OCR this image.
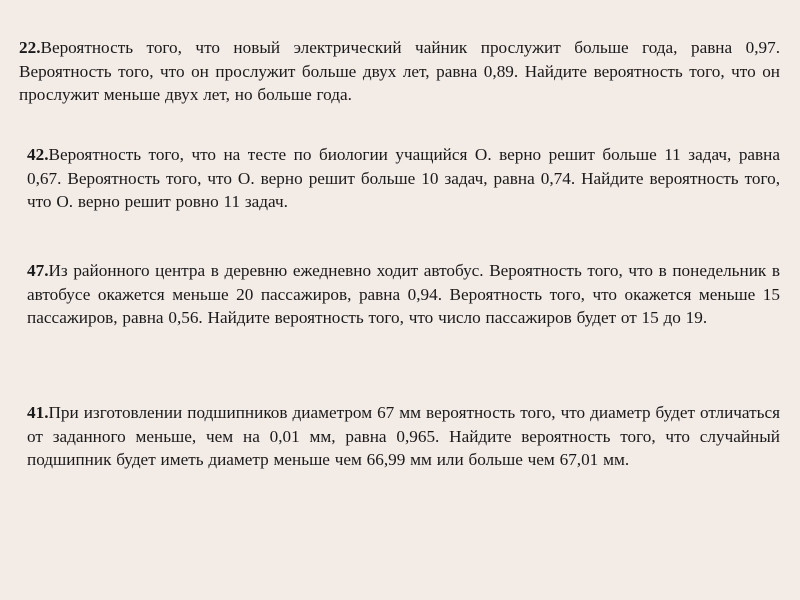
22.Вероятность того, что новый электрический чайник прослужит больше года, равна 0,97. Вероятность того, что он прослужит больше двух лет, равна 0,89. Найдите вероятность того, что он прослужит меньше двух лет, но больше года.
42.Вероятность того, что на тесте по биологии учащийся О. верно решит больше 11 задач, равна 0,67. Вероятность того, что О. верно решит больше 10 задач, равна 0,74. Найдите вероятность того, что О. верно решит ровно 11 задач.
47.Из районного центра в деревню ежедневно ходит автобус. Вероятность того, что в понедельник в автобусе окажется меньше 20 пассажиров, равна 0,94. Вероятность того, что окажется меньше 15 пассажиров, равна 0,56. Найдите вероятность того, что число пассажиров будет от 15 до 19.
41.При изготовлении подшипников диаметром 67 мм вероятность того, что диаметр будет отличаться от заданного меньше, чем на 0,01 мм, равна 0,965. Найдите вероятность того, что случайный подшипник будет иметь диаметр меньше чем 66,99 мм или больше чем 67,01 мм.
